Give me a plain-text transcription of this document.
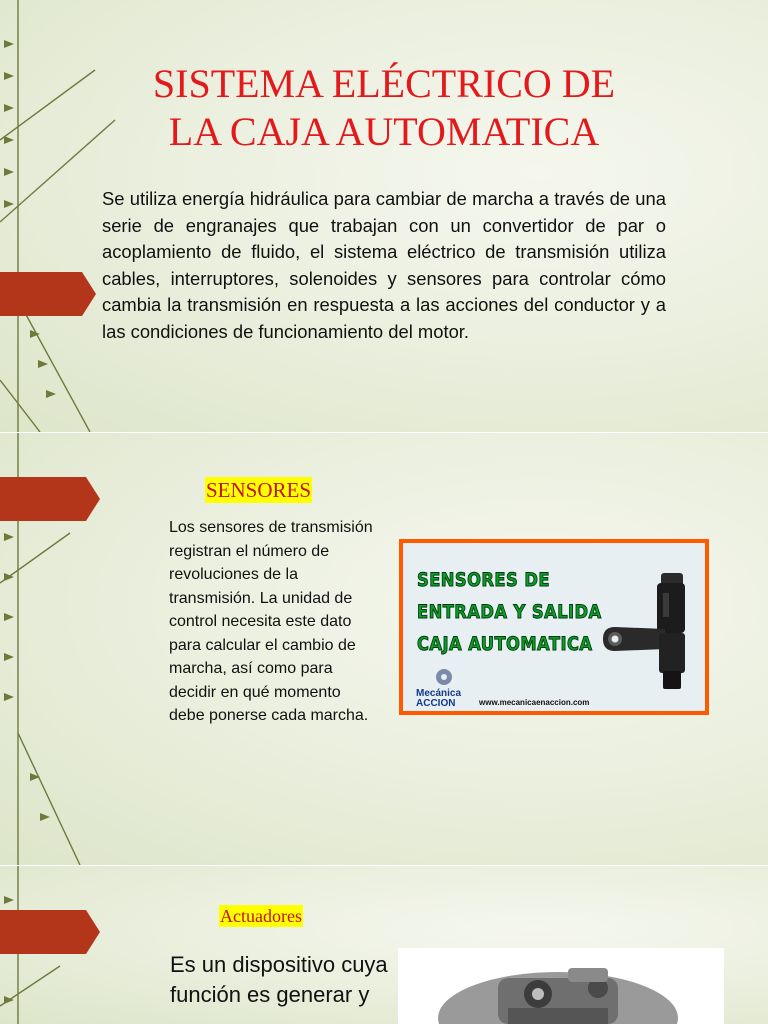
SISTEMA ELÉCTRICO DE
LA CAJA AUTOMATICA
Se utiliza energía hidráulica para cambiar de marcha a través de una serie de engranajes que trabajan con un convertidor de par o acoplamiento de fluido, el sistema eléctrico de transmisión utiliza cables, interruptores, solenoides y sensores para controlar cómo cambia la transmisión en respuesta a las acciones del conductor y a las condiciones de funcionamiento del motor.
SENSORES
Los sensores de transmisión registran el número de revoluciones de la transmisión. La unidad de control necesita este dato para calcular el cambio de marcha, así como para decidir en qué momento debe ponerse cada marcha.
SENSORES DE
ENTRADA Y SALIDA
CAJA AUTOMATICA
Mecánica
ACCION	www.mecanicaenaccion.com
Actuadores
Es un dispositivo cuya función es generar y
